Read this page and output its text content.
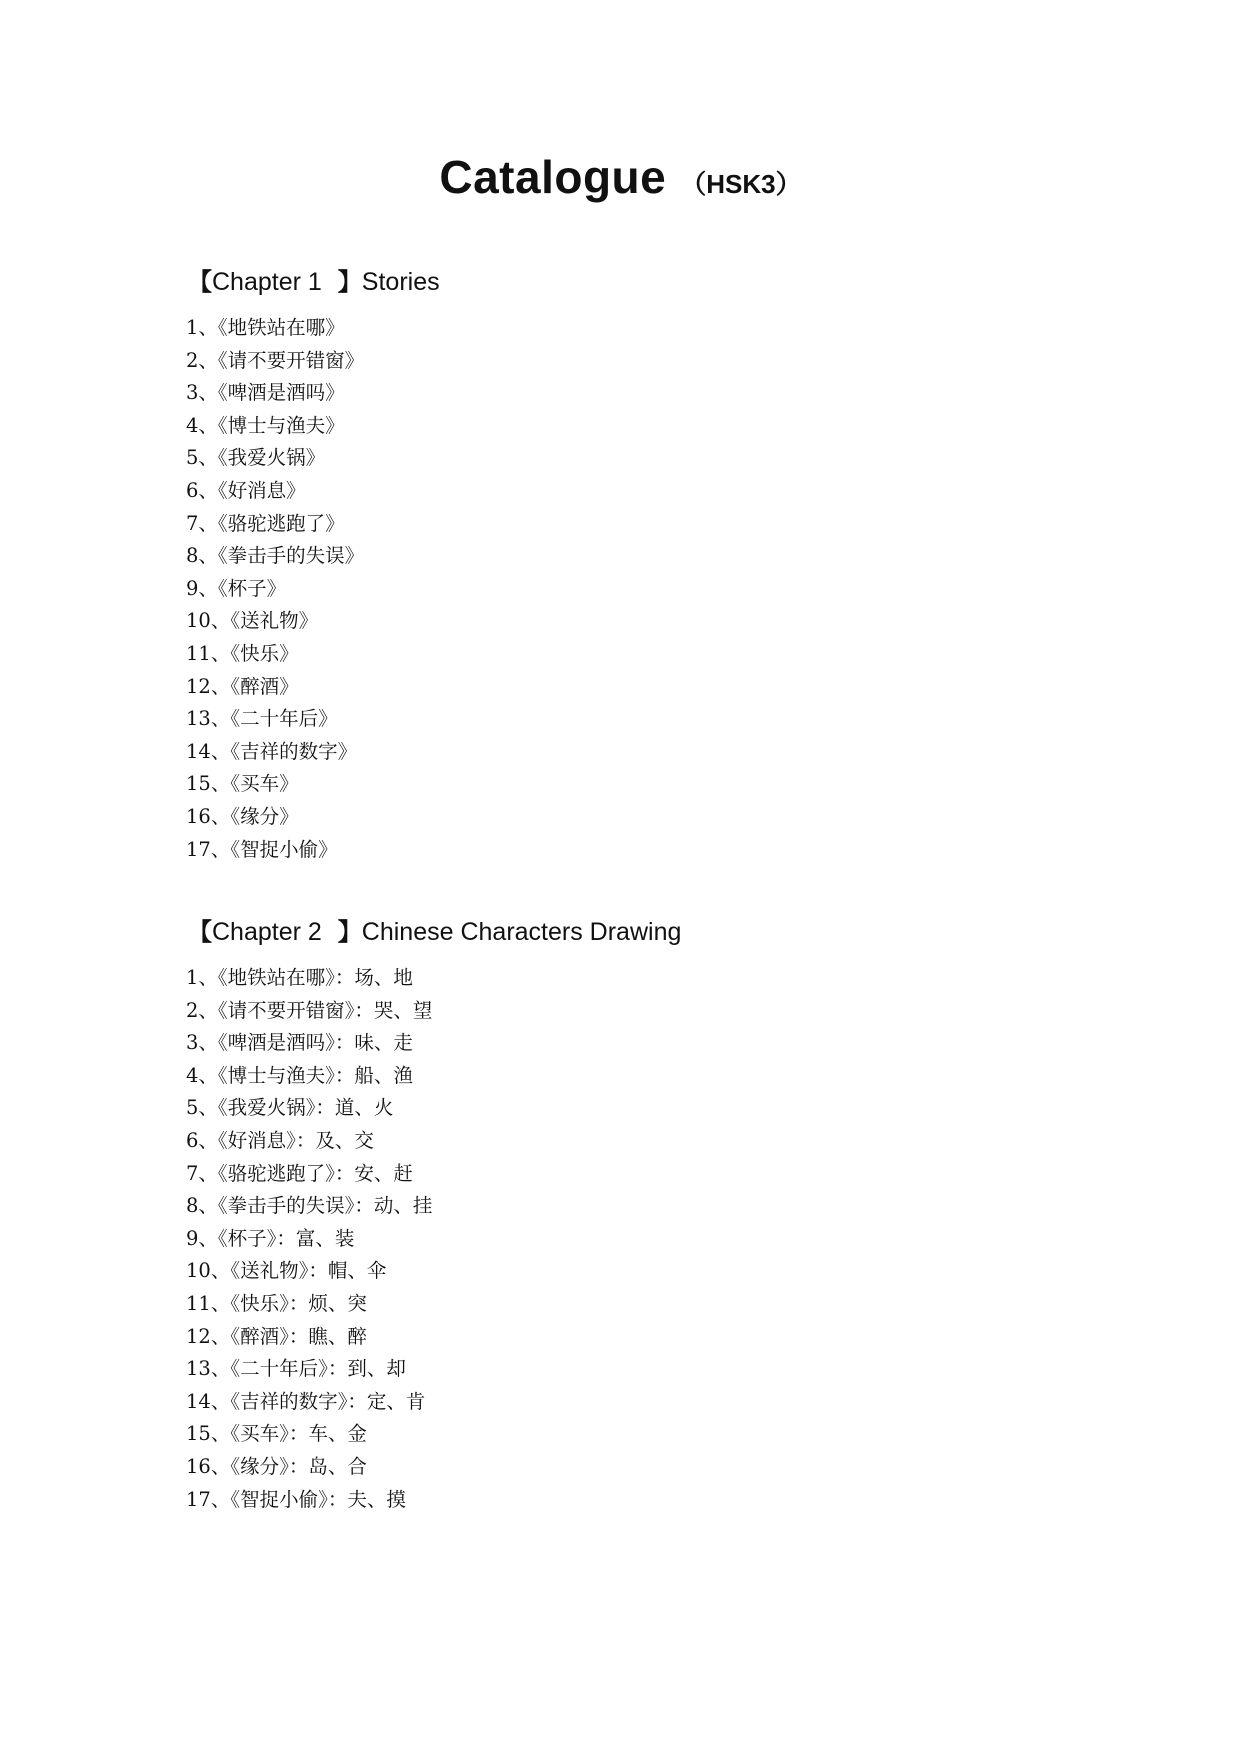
Catalogue （HSK3）
【Chapter 1 】Stories
1、《地铁站在哪》
2、《请不要开错窗》
3、《啤酒是酒吗》
4、《博士与渔夫》
5、《我爱火锅》
6、《好消息》
7、《骆驼逃跑了》
8、《拳击手的失误》
9、《杯子》
10、《送礼物》
11、《快乐》
12、《醉酒》
13、《二十年后》
14、《吉祥的数字》
15、《买车》
16、《缘分》
17、《智捉小偷》
【Chapter 2 】Chinese Characters Drawing
1、《地铁站在哪》：场、地
2、《请不要开错窗》：哭、望
3、《啤酒是酒吗》：味、走
4、《博士与渔夫》：船、渔
5、《我爱火锅》：道、火
6、《好消息》：及、交
7、《骆驼逃跑了》：安、赶
8、《拳击手的失误》：动、挂
9、《杯子》：富、装
10、《送礼物》：帽、伞
11、《快乐》：烦、突
12、《醉酒》：瞧、醉
13、《二十年后》：到、却
14、《吉祥的数字》：定、肯
15、《买车》：车、金
16、《缘分》：岛、合
17、《智捉小偷》：夫、摸
